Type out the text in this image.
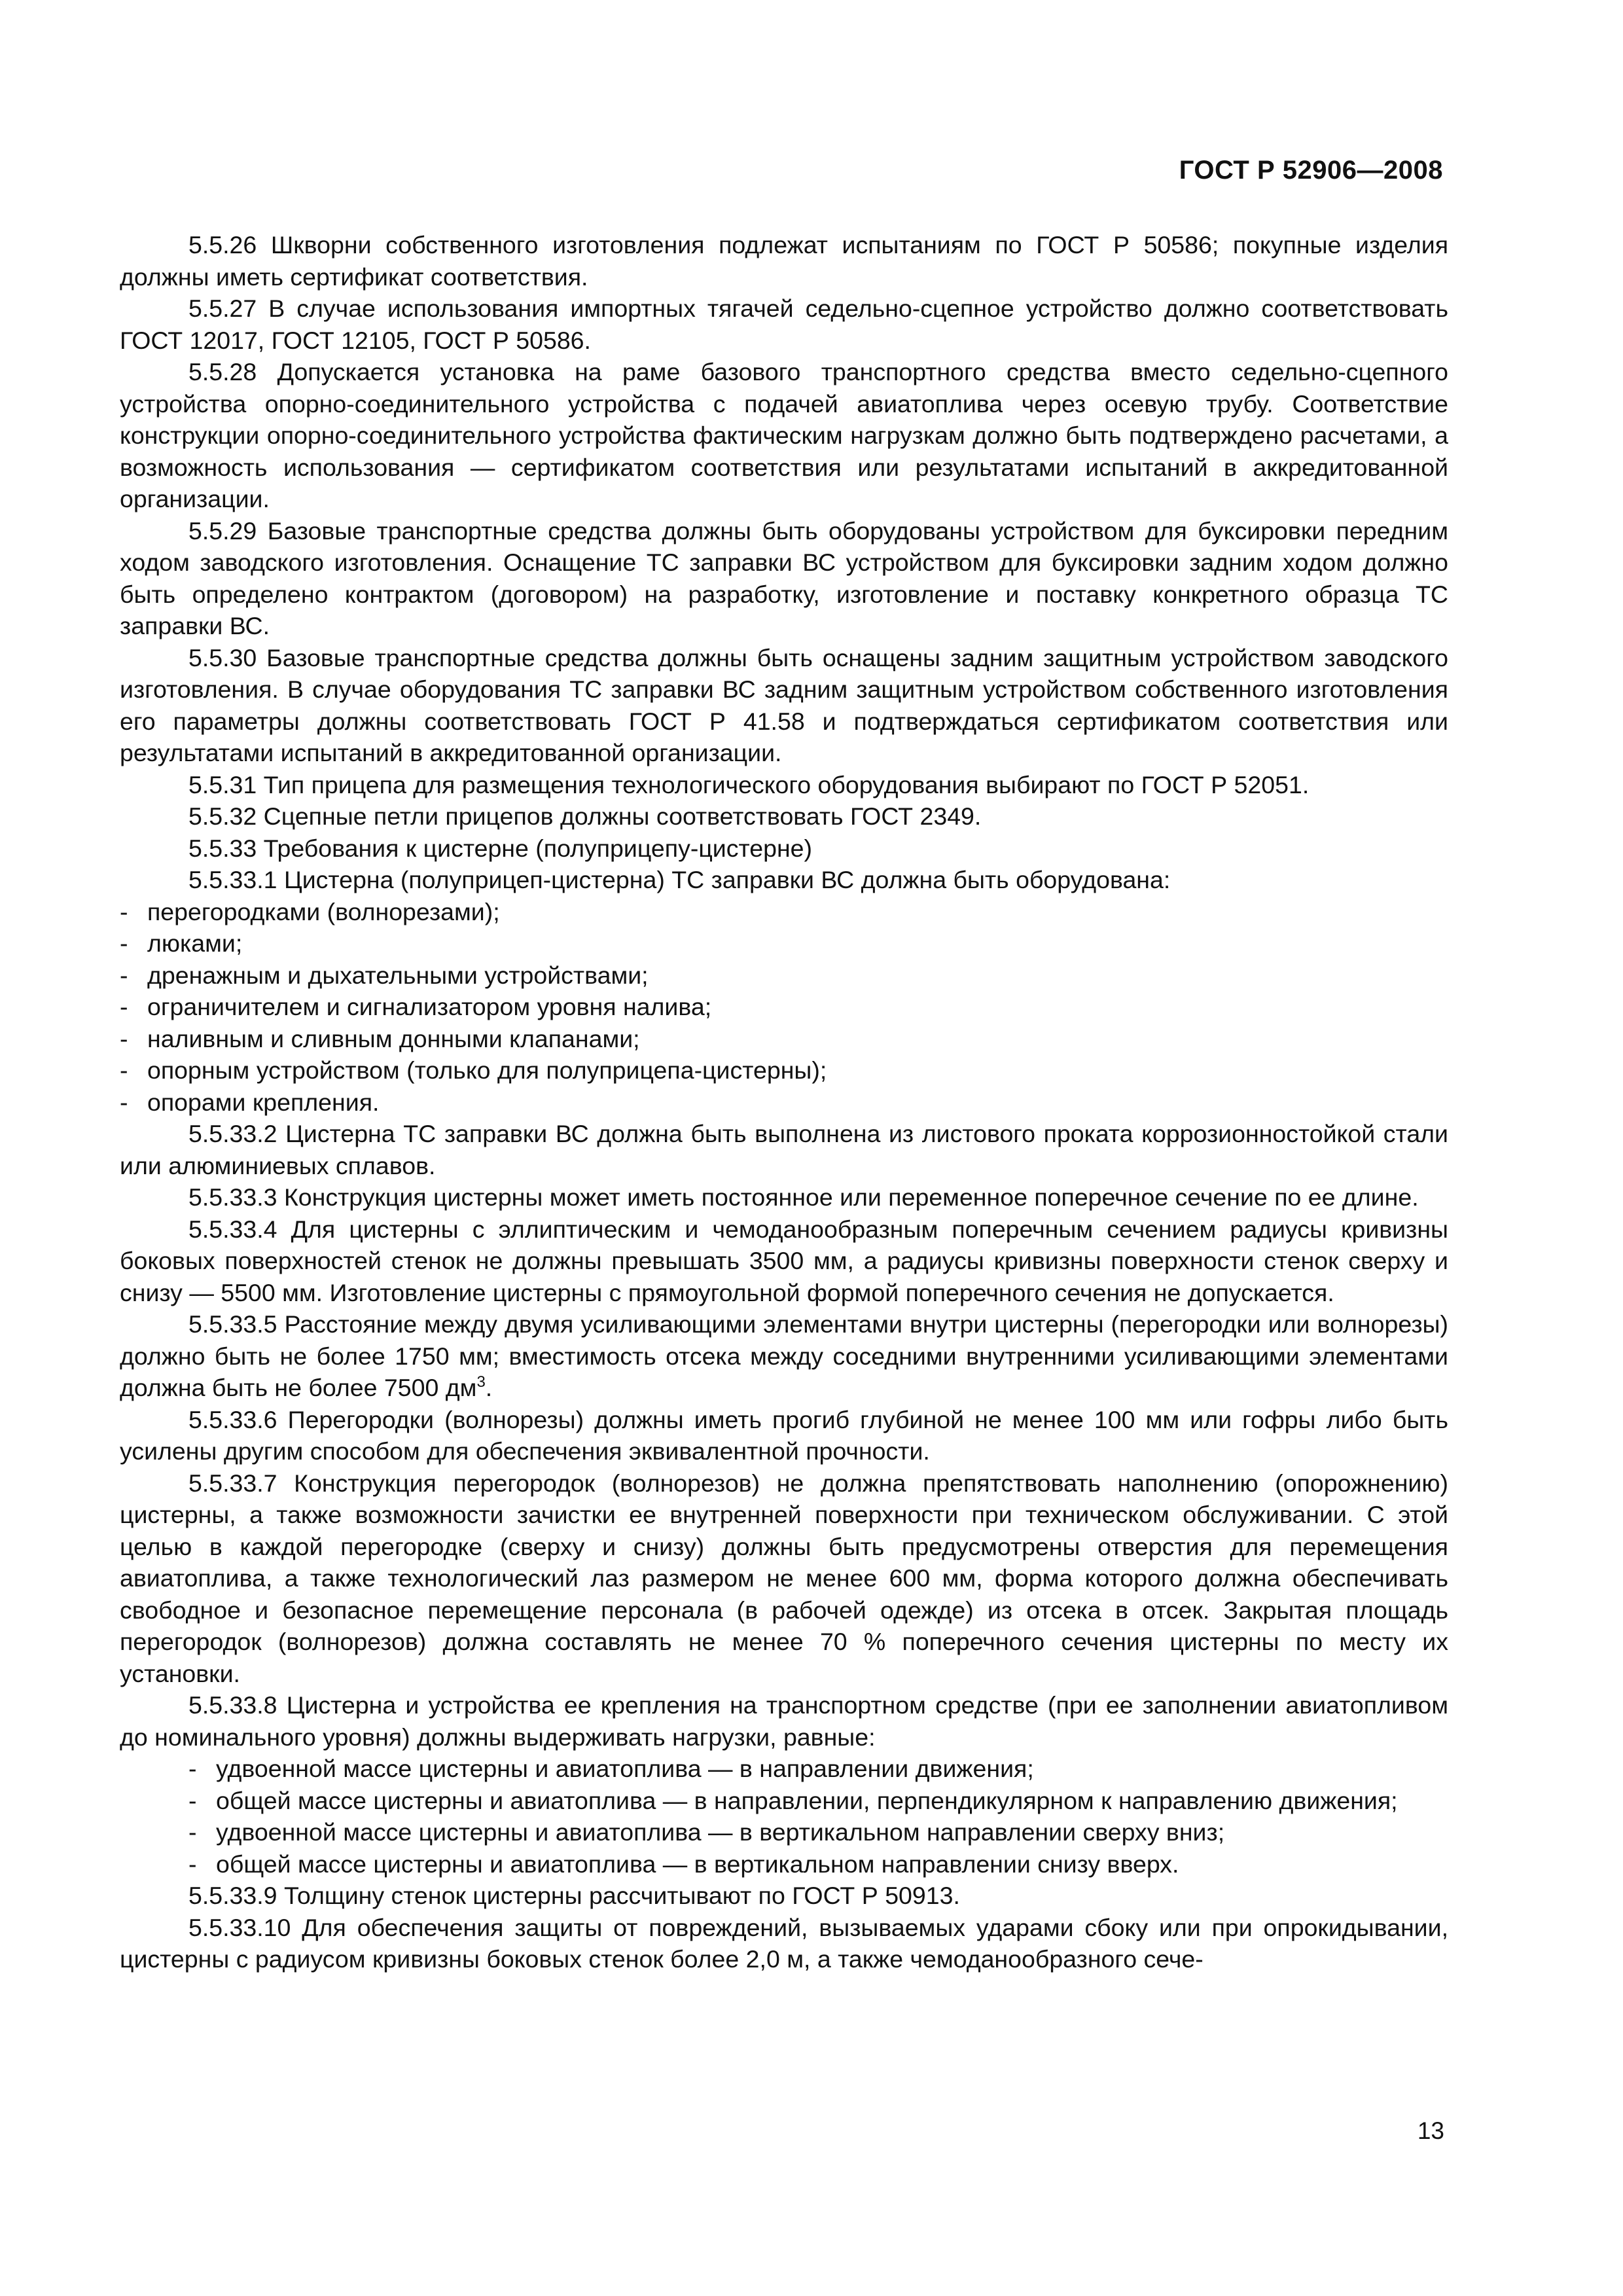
ГОСТ Р 52906—2008
5.5.26 Шкворни собственного изготовления подлежат испытаниям по ГОСТ Р 50586; покупные изделия должны иметь сертификат соответствия.
5.5.27 В случае использования импортных тягачей седельно-сцепное устройство должно соответствовать ГОСТ 12017, ГОСТ 12105, ГОСТ Р 50586.
5.5.28 Допускается установка на раме базового транспортного средства вместо седельно-сцепного устройства опорно-соединительного устройства с подачей авиатоплива через осевую трубу. Соответствие конструкции опорно-соединительного устройства фактическим нагрузкам должно быть подтверждено расчетами, а возможность использования — сертификатом соответствия или результатами испытаний в аккредитованной организации.
5.5.29 Базовые транспортные средства должны быть оборудованы устройством для буксировки передним ходом заводского изготовления. Оснащение ТС заправки ВС устройством для буксировки задним ходом должно быть определено контрактом (договором) на разработку, изготовление и поставку конкретного образца ТС заправки ВС.
5.5.30 Базовые транспортные средства должны быть оснащены задним защитным устройством заводского изготовления. В случае оборудования ТС заправки ВС задним защитным устройством собственного изготовления его параметры должны соответствовать ГОСТ Р 41.58 и подтверждаться сертификатом соответствия или результатами испытаний в аккредитованной организации.
5.5.31 Тип прицепа для размещения технологического оборудования выбирают по ГОСТ Р 52051.
5.5.32 Сцепные петли прицепов должны соответствовать ГОСТ 2349.
5.5.33 Требования к цистерне (полуприцепу-цистерне)
5.5.33.1 Цистерна (полуприцеп-цистерна) ТС заправки ВС должна быть оборудована:
- перегородками (волнорезами);
- люками;
- дренажным и дыхательными устройствами;
- ограничителем и сигнализатором уровня налива;
- наливным и сливным донными клапанами;
- опорным устройством (только для полуприцепа-цистерны);
- опорами крепления.
5.5.33.2 Цистерна ТС заправки ВС должна быть выполнена из листового проката коррозионностойкой стали или алюминиевых сплавов.
5.5.33.3 Конструкция цистерны может иметь постоянное или переменное поперечное сечение по ее длине.
5.5.33.4 Для цистерны с эллиптическим и чемоданообразным поперечным сечением радиусы кривизны боковых поверхностей стенок не должны превышать 3500 мм, а радиусы кривизны поверхности стенок сверху и снизу — 5500 мм. Изготовление цистерны с прямоугольной формой поперечного сечения не допускается.
5.5.33.5 Расстояние между двумя усиливающими элементами внутри цистерны (перегородки или волнорезы) должно быть не более 1750 мм; вместимость отсека между соседними внутренними усиливающими элементами должна быть не более 7500 $дм^3$.
5.5.33.6 Перегородки (волнорезы) должны иметь прогиб глубиной не менее 100 мм или гофры либо быть усилены другим способом для обеспечения эквивалентной прочности.
5.5.33.7 Конструкция перегородок (волнорезов) не должна препятствовать наполнению (опорожнению) цистерны, а также возможности зачистки ее внутренней поверхности при техническом обслуживании. С этой целью в каждой перегородке (сверху и снизу) должны быть предусмотрены отверстия для перемещения авиатоплива, а также технологический лаз размером не менее 600 мм, форма которого должна обеспечивать свободное и безопасное перемещение персонала (в рабочей одежде) из отсека в отсек. Закрытая площадь перегородок (волнорезов) должна составлять не менее 70 % поперечного сечения цистерны по месту их установки.
5.5.33.8 Цистерна и устройства ее крепления на транспортном средстве (при ее заполнении авиатопливом до номинального уровня) должны выдерживать нагрузки, равные:
- удвоенной массе цистерны и авиатоплива — в направлении движения;
- общей массе цистерны и авиатоплива — в направлении, перпендикулярном к направлению движения;
- удвоенной массе цистерны и авиатоплива — в вертикальном направлении сверху вниз;
- общей массе цистерны и авиатоплива — в вертикальном направлении снизу вверх.
5.5.33.9 Толщину стенок цистерны рассчитывают по ГОСТ Р 50913.
5.5.33.10 Для обеспечения защиты от повреждений, вызываемых ударами сбоку или при опрокидывании, цистерны с радиусом кривизны боковых стенок более 2,0 м, а также чемоданообразного сече-
13
